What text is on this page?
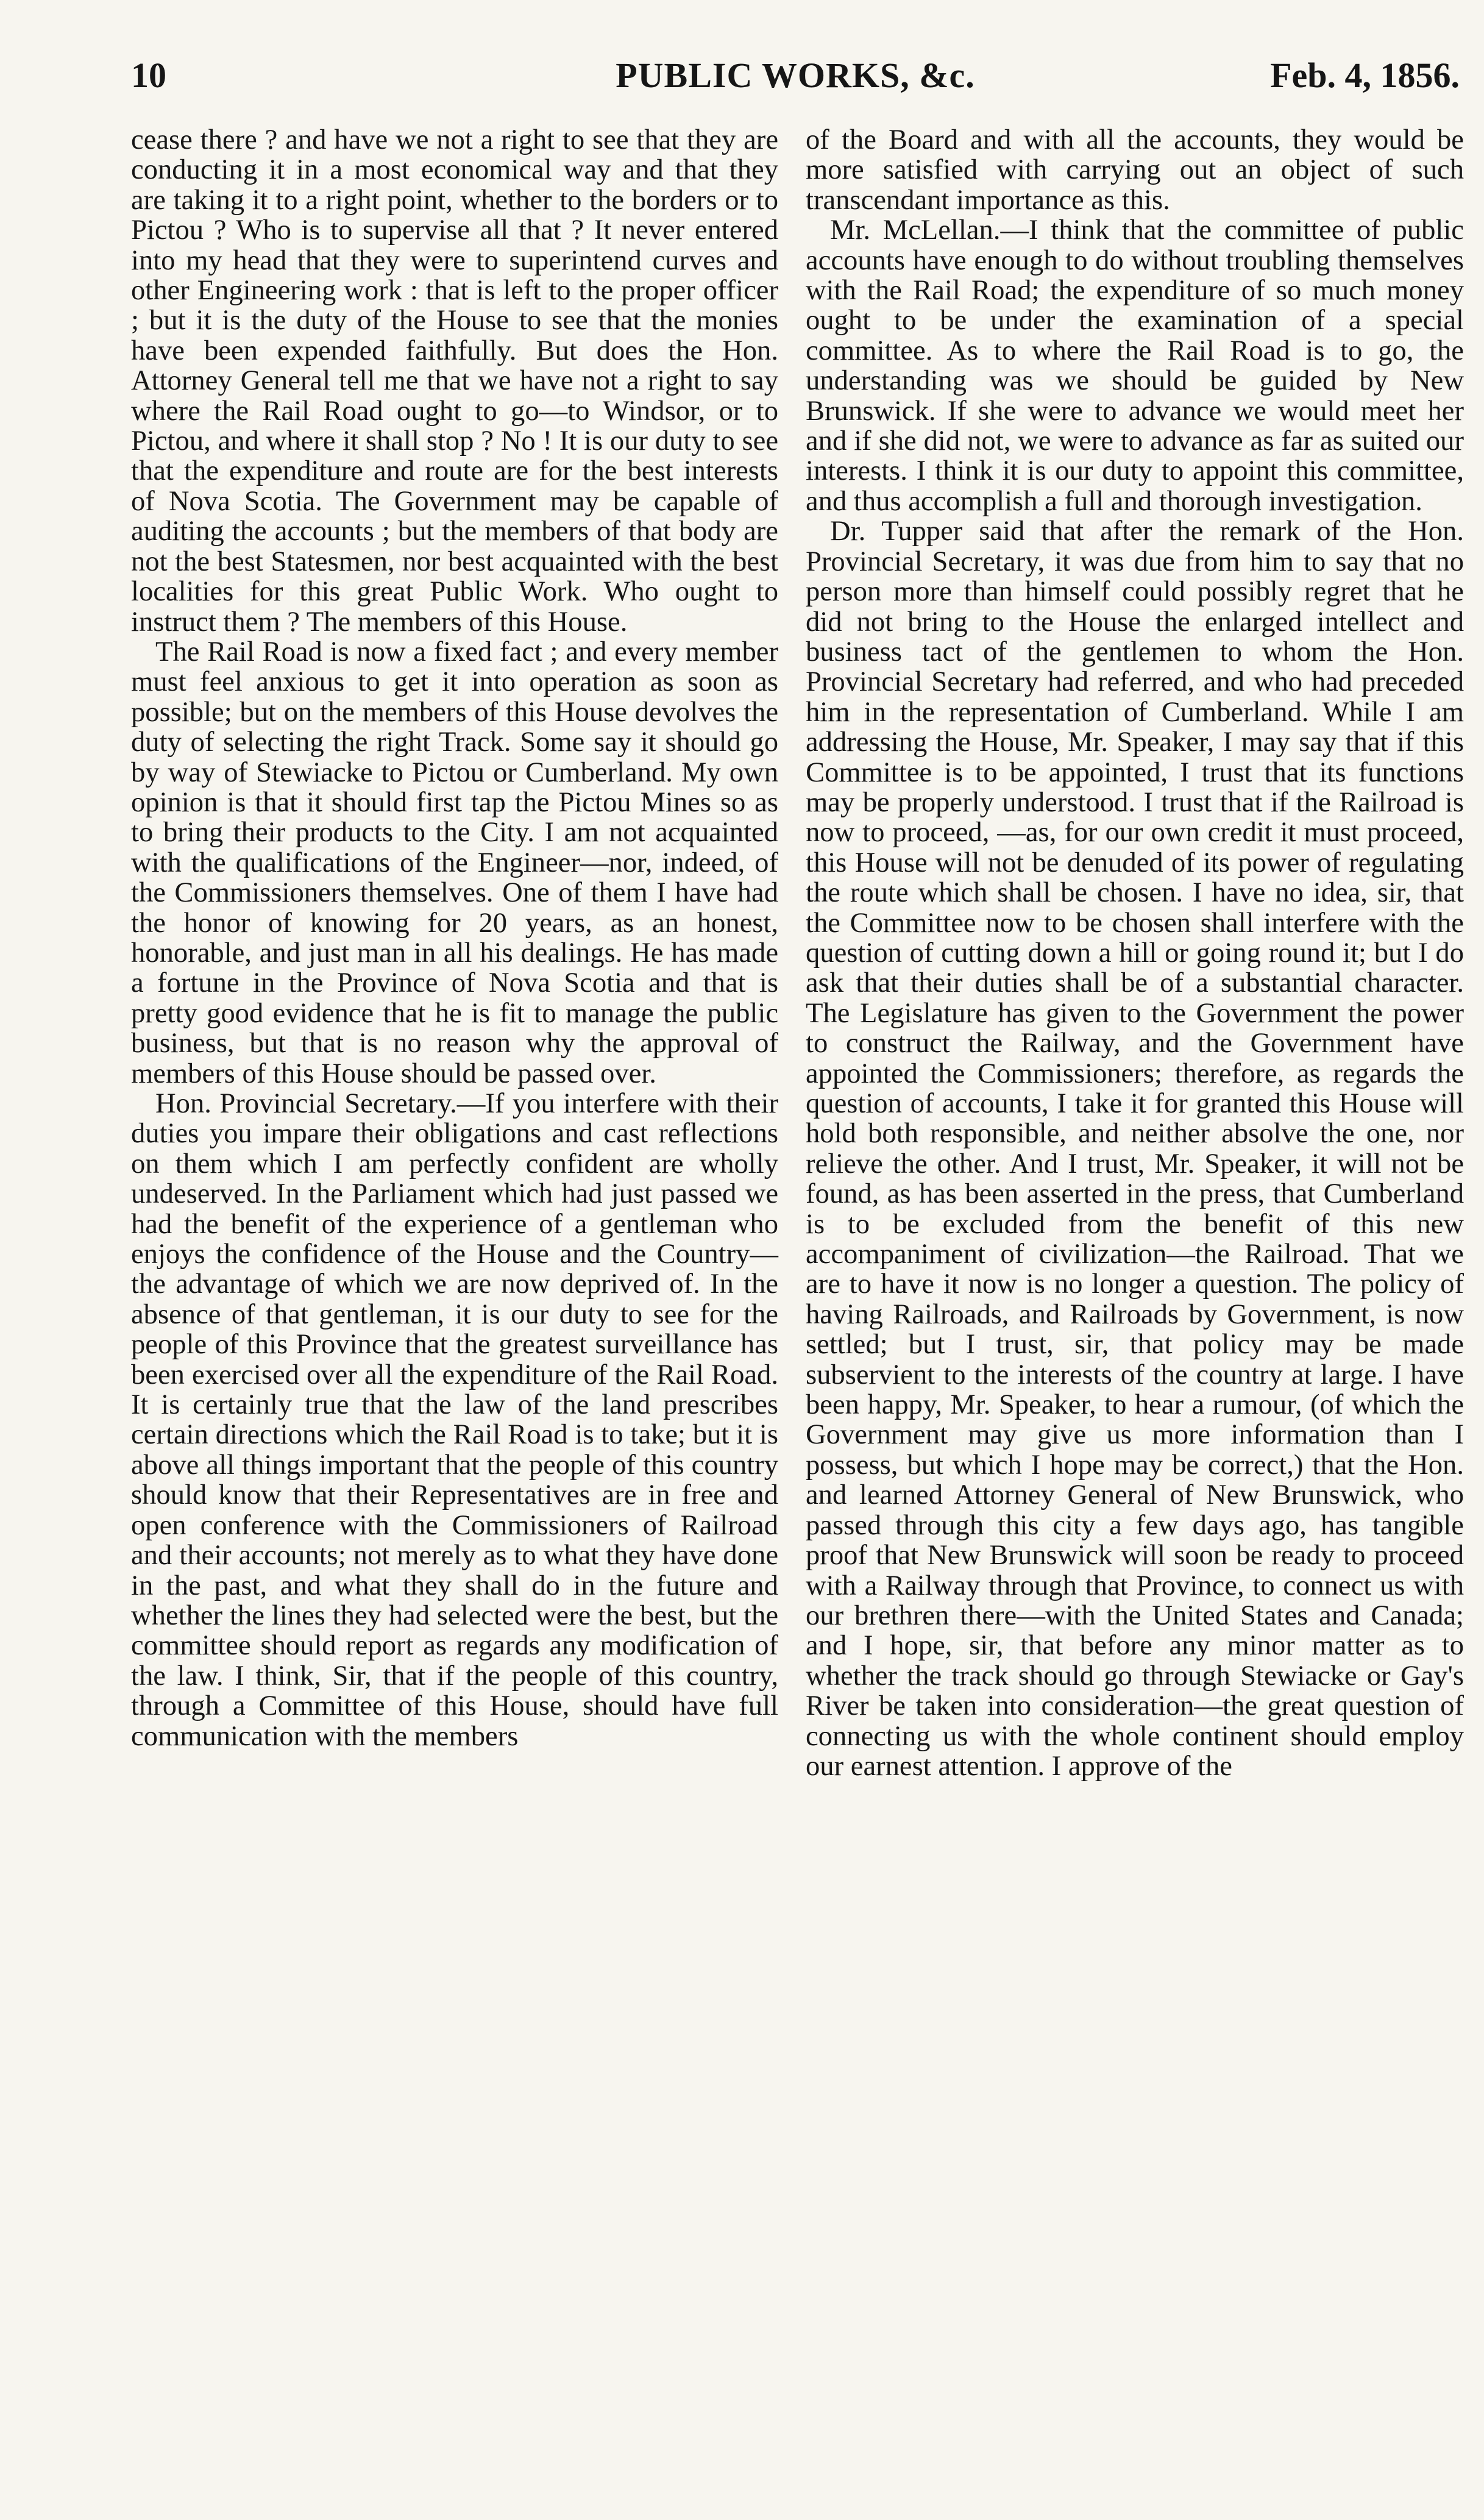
10	PUBLIC WORKS, &c.	Feb. 4, 1856.

cease there ? and have we not a right to see that they are conducting it in a most economical way and that they are taking it to a right point, whether to the borders or to Pictou ? Who is to supervise all that ? It never entered into my head that they were to superintend curves and other Engineering work : that is left to the proper officer ; but it is the duty of the House to see that the monies have been expended faithfully. But does the Hon. Attorney General tell me that we have not a right to say where the Rail Road ought to go—to Windsor, or to Pictou, and where it shall stop ? No ! It is our duty to see that the expenditure and route are for the best interests of Nova Scotia. The Government may be capable of auditing the accounts ; but the members of that body are not the best Statesmen, nor best acquainted with the best localities for this great Public Work. Who ought to instruct them ? The members of this House.

The Rail Road is now a fixed fact ; and every member must feel anxious to get it into operation as soon as possible; but on the members of this House devolves the duty of selecting the right Track. Some say it should go by way of Stewiacke to Pictou or Cumberland. My own opinion is that it should first tap the Pictou Mines so as to bring their products to the City. I am not acquainted with the qualifications of the Engineer—nor, indeed, of the Commissioners themselves. One of them I have had the honor of knowing for 20 years, as an honest, honorable, and just man in all his dealings. He has made a fortune in the Province of Nova Scotia and that is pretty good evidence that he is fit to manage the public business, but that is no reason why the approval of members of this House should be passed over.

Hon. Provincial Secretary.—If you interfere with their duties you impare their obligations and cast reflections on them which I am perfectly confident are wholly undeserved. In the Parliament which had just passed we had the benefit of the experience of a gentleman who enjoys the confidence of the House and the Country—the advantage of which we are now deprived of. In the absence of that gentleman, it is our duty to see for the people of this Province that the greatest surveillance has been exercised over all the expenditure of the Rail Road. It is certainly true that the law of the land prescribes certain directions which the Rail Road is to take; but it is above all things important that the people of this country should know that their Representatives are in free and open conference with the Commissioners of Railroad and their accounts; not merely as to what they have done in the past, and what they shall do in the future and whether the lines they had selected were the best, but the committee should report as regards any modification of the law. I think, Sir, that if the people of this country, through a Committee of this House, should have full communication with the members

of the Board and with all the accounts, they would be more satisfied with carrying out an object of such transcendant importance as this.

Mr. McLellan.—I think that the committee of public accounts have enough to do without troubling themselves with the Rail Road; the expenditure of so much money ought to be under the examination of a special committee. As to where the Rail Road is to go, the understanding was we should be guided by New Brunswick. If she were to advance we would meet her and if she did not, we were to advance as far as suited our interests. I think it is our duty to appoint this committee, and thus accomplish a full and thorough investigation.

Dr. Tupper said that after the remark of the Hon. Provincial Secretary, it was due from him to say that no person more than himself could possibly regret that he did not bring to the House the enlarged intellect and business tact of the gentlemen to whom the Hon. Provincial Secretary had referred, and who had preceded him in the representation of Cumberland. While I am addressing the House, Mr. Speaker, I may say that if this Committee is to be appointed, I trust that its functions may be properly understood. I trust that if the Railroad is now to proceed, —as, for our own credit it must proceed, this House will not be denuded of its power of regulating the route which shall be chosen. I have no idea, sir, that the Committee now to be chosen shall interfere with the question of cutting down a hill or going round it; but I do ask that their duties shall be of a substantial character. The Legislature has given to the Government the power to construct the Railway, and the Government have appointed the Commissioners; therefore, as regards the question of accounts, I take it for granted this House will hold both responsible, and neither absolve the one, nor relieve the other. And I trust, Mr. Speaker, it will not be found, as has been asserted in the press, that Cumberland is to be excluded from the benefit of this new accompaniment of civilization—the Railroad. That we are to have it now is no longer a question. The policy of having Railroads, and Railroads by Government, is now settled; but I trust, sir, that policy may be made subservient to the interests of the country at large. I have been happy, Mr. Speaker, to hear a rumour, (of which the Government may give us more information than I possess, but which I hope may be correct,) that the Hon. and learned Attorney General of New Brunswick, who passed through this city a few days ago, has tangible proof that New Brunswick will soon be ready to proceed with a Railway through that Province, to connect us with our brethren there—with the United States and Canada; and I hope, sir, that before any minor matter as to whether the track should go through Stewiacke or Gay's River be taken into consideration—the great question of connecting us with the whole continent should employ our earnest attention. I approve of the
